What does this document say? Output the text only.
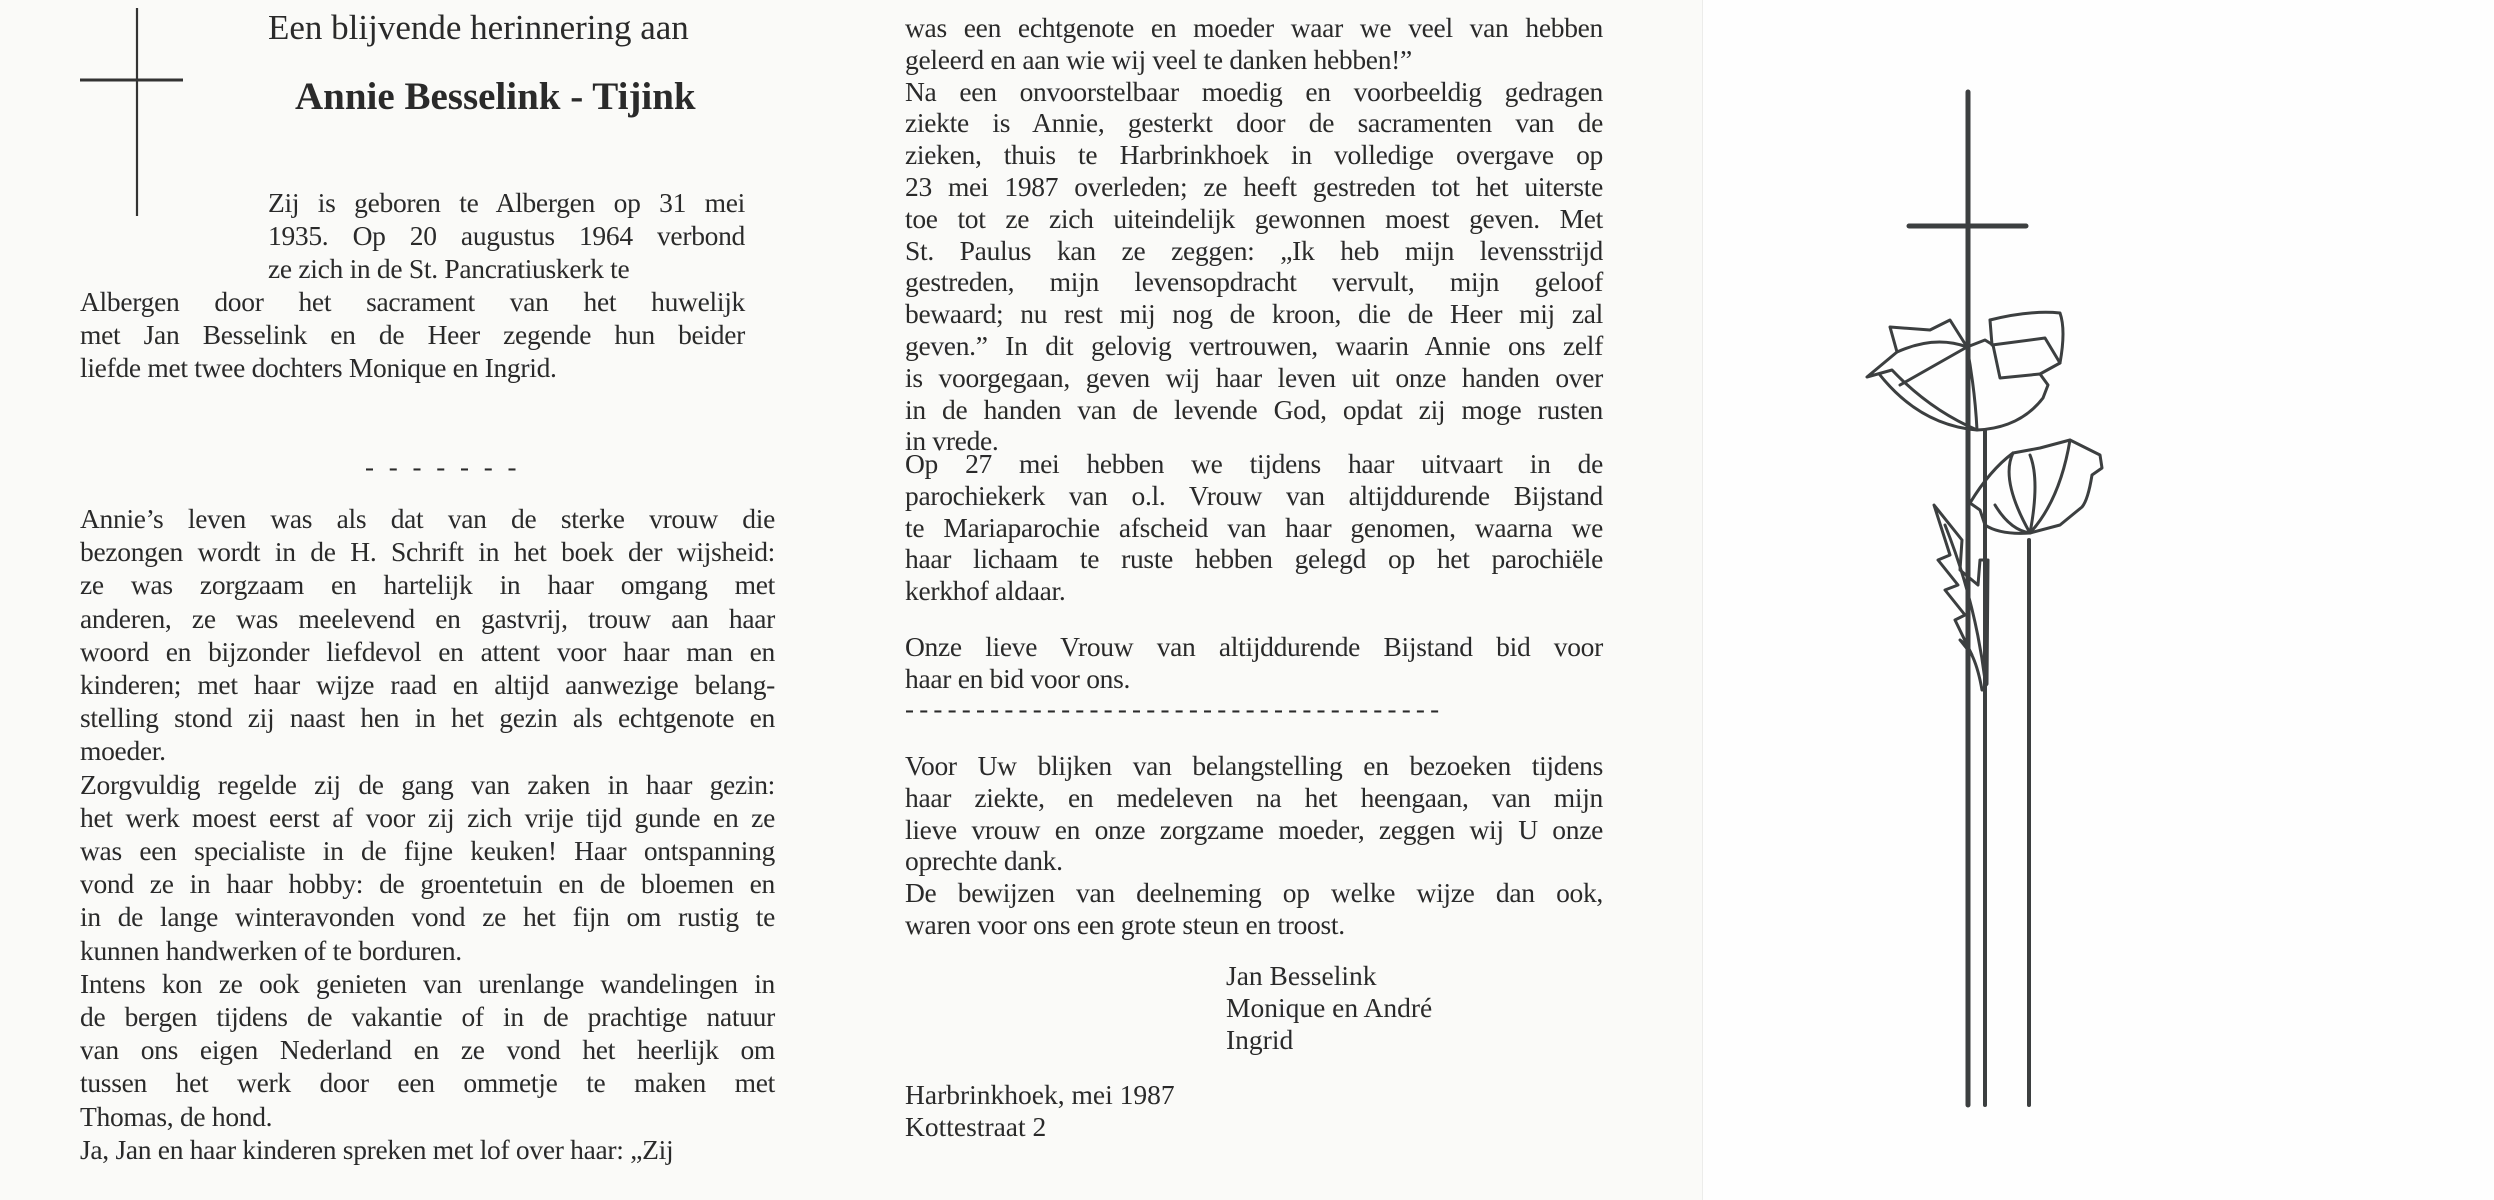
Een blijvende herinnering aan
Annie Besselink - Tijink
Zij is geboren te Albergen op 31 mei
1935. Op 20 augustus 1964 verbond
ze zich in de St. Pancratiuskerk te
Albergen door het sacrament van het huwelijk
met Jan Besselink en de Heer zegende hun beider
liefde met twee dochters Monique en Ingrid.
- - - - - - -
Annie’s leven was als dat van de sterke vrouw die
bezongen wordt in de H. Schrift in het boek der wijsheid:
ze was zorgzaam en hartelijk in haar omgang met
anderen, ze was meelevend en gastvrij, trouw aan haar
woord en bijzonder liefdevol en attent voor haar man en
kinderen; met haar wijze raad en altijd aanwezige belang-
stelling stond zij naast hen in het gezin als echtgenote en
moeder.
Zorgvuldig regelde zij de gang van zaken in haar gezin:
het werk moest eerst af voor zij zich vrije tijd gunde en ze
was een specialiste in de fijne keuken! Haar ontspanning
vond ze in haar hobby: de groentetuin en de bloemen en
in de lange winteravonden vond ze het fijn om rustig te
kunnen handwerken of te borduren.
Intens kon ze ook genieten van urenlange wandelingen in
de bergen tijdens de vakantie of in de prachtige natuur
van ons eigen Nederland en ze vond het heerlijk om
tussen het werk door een ommetje te maken met
Thomas, de hond.
Ja, Jan en haar kinderen spreken met lof over haar: „Zij
was een echtgenote en moeder waar we veel van hebben
geleerd en aan wie wij veel te danken hebben!”
Na een onvoorstelbaar moedig en voorbeeldig gedragen
ziekte is Annie, gesterkt door de sacramenten van de
zieken, thuis te Harbrinkhoek in volledige overgave op
23 mei 1987 overleden; ze heeft gestreden tot het uiterste
toe tot ze zich uiteindelijk gewonnen moest geven. Met
St. Paulus kan ze zeggen: „Ik heb mijn levensstrijd
gestreden, mijn levensopdracht vervult, mijn geloof
bewaard; nu rest mij nog de kroon, die de Heer mij zal
geven.” In dit gelovig vertrouwen, waarin Annie ons zelf
is voorgegaan, geven wij haar leven uit onze handen over
in de handen van de levende God, opdat zij moge rusten
in vrede.
Op 27 mei hebben we tijdens haar uitvaart in de
parochiekerk van o.l. Vrouw van altijddurende Bijstand
te Mariaparochie afscheid van haar genomen, waarna we
haar lichaam te ruste hebben gelegd op het parochiële
kerkhof aldaar.
Onze lieve Vrouw van altijddurende Bijstand bid voor
haar en bid voor ons.
--------------------------------------
Voor Uw blijken van belangstelling en bezoeken tijdens
haar ziekte, en medeleven na het heengaan, van mijn
lieve vrouw en onze zorgzame moeder, zeggen wij U onze
oprechte dank.
De bewijzen van deelneming op welke wijze dan ook,
waren voor ons een grote steun en troost.
Jan Besselink
Monique en André
Ingrid
Harbrinkhoek, mei 1987
Kottestraat 2
